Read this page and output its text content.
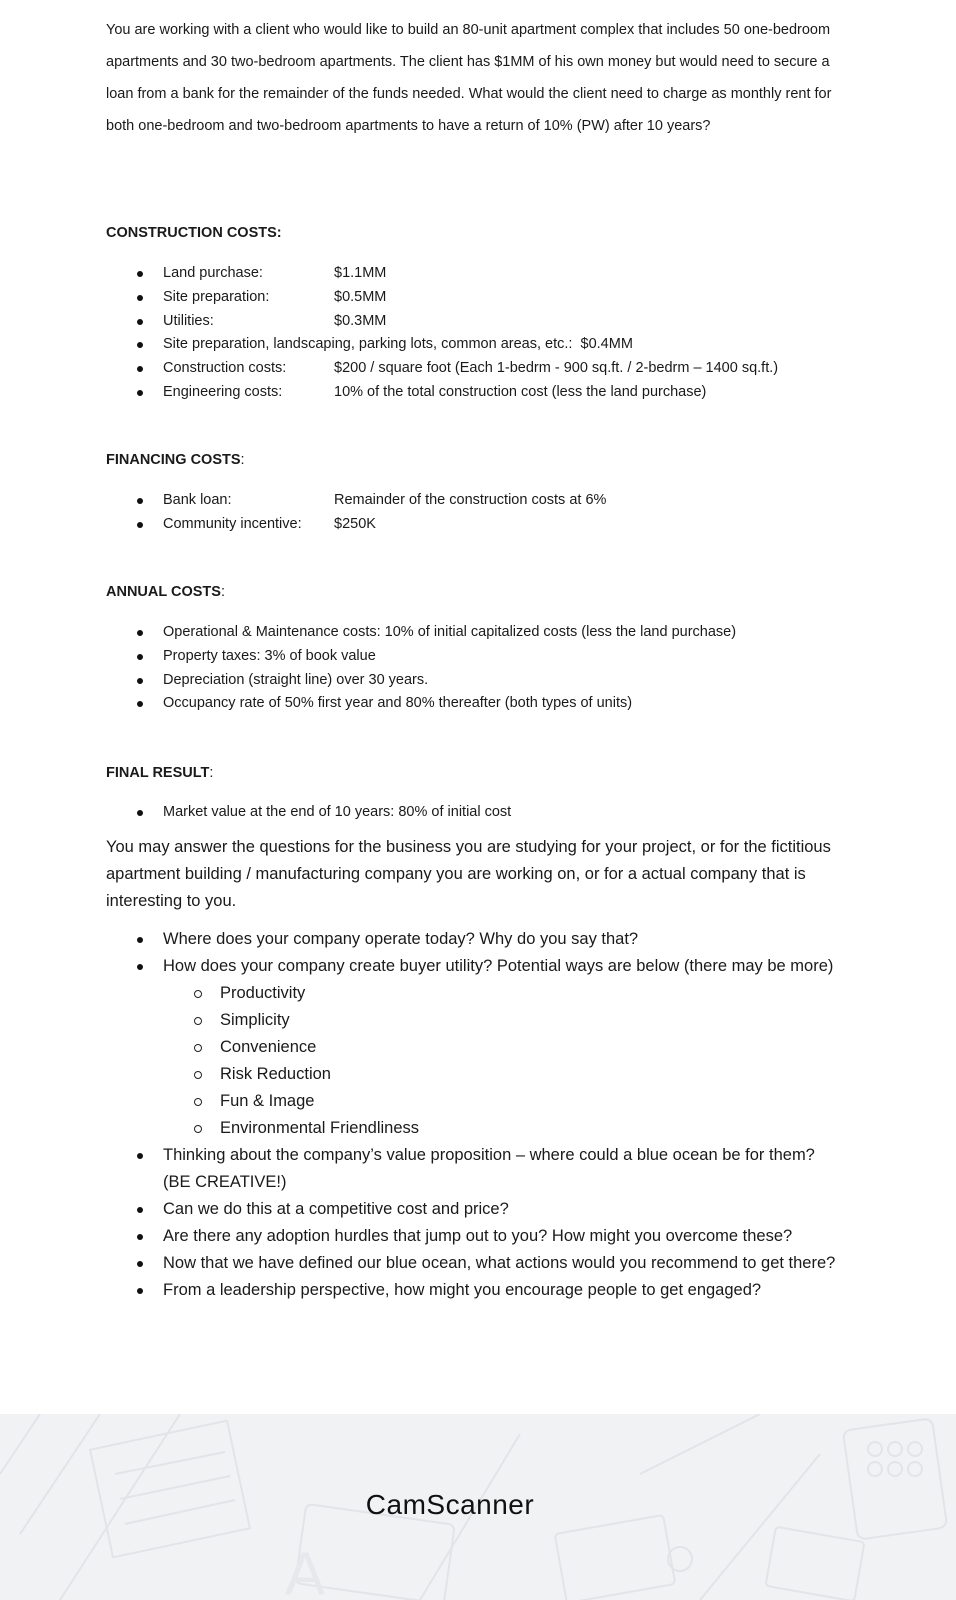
You are working with a client who would like to build an 80-unit apartment complex that includes 50 one-bedroom apartments and 30 two-bedroom apartments. The client has $1MM of his own money but would need to secure a loan from a bank for the remainder of the funds needed. What would the client need to charge as monthly rent for both one-bedroom and two-bedroom apartments to have a return of 10% (PW) after 10 years?
CONSTRUCTION COSTS:
Land purchase:	$1.1MM
Site preparation:	$0.5MM
Utilities:	$0.3MM
Site preparation, landscaping, parking lots, common areas, etc.: $0.4MM
Construction costs:	$200 / square foot (Each 1-bedrm - 900 sq.ft. / 2-bedrm – 1400 sq.ft.)
Engineering costs:	10% of the total construction cost (less the land purchase)
FINANCING COSTS:
Bank loan:	Remainder of the construction costs at 6%
Community incentive: $250K
ANNUAL COSTS:
Operational & Maintenance costs: 10% of initial capitalized costs (less the land purchase)
Property taxes: 3% of book value
Depreciation (straight line) over 30 years.
Occupancy rate of 50% first year and 80% thereafter (both types of units)
FINAL RESULT:
Market value at the end of 10 years: 80% of initial cost
You may answer the questions for the business you are studying for your project, or for the fictitious apartment building / manufacturing company you are working on, or for a actual company that is interesting to you.
Where does your company operate today? Why do you say that?
How does your company create buyer utility? Potential ways are below (there may be more)
Productivity
Simplicity
Convenience
Risk Reduction
Fun & Image
Environmental Friendliness
Thinking about the company’s value proposition – where could a blue ocean be for them? (BE CREATIVE!)
Can we do this at a competitive cost and price?
Are there any adoption hurdles that jump out to you? How might you overcome these?
Now that we have defined our blue ocean, what actions would you recommend to get there?
From a leadership perspective, how might you encourage people to get engaged?
A
CamScanner
